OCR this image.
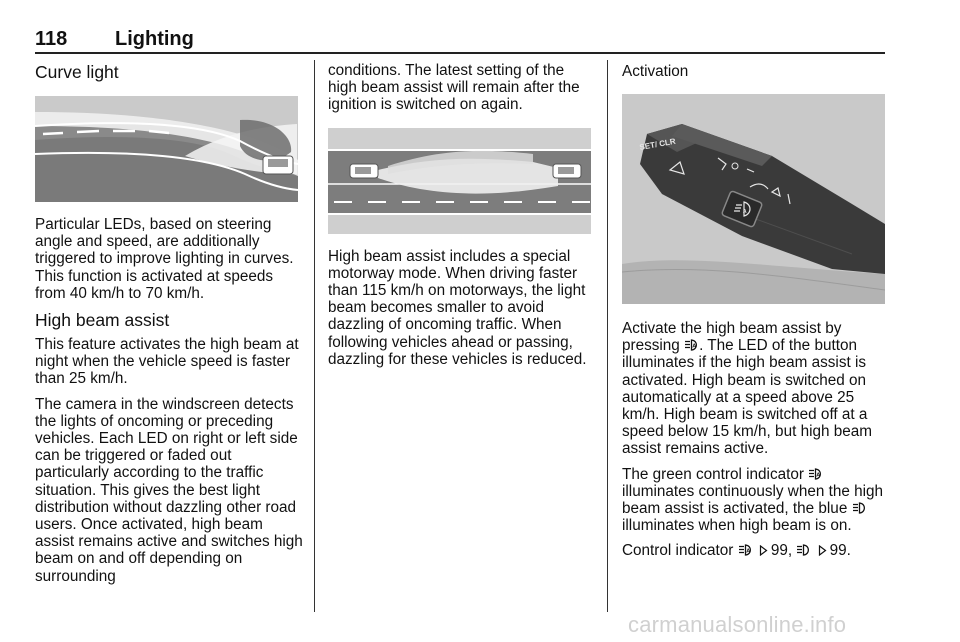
118 Lighting
Curve light

Particular LEDs, based on steering angle and speed, are additionally triggered to improve lighting in curves. This function is activated at speeds from 40 km/h to 70 km/h.

High beam assist

This feature activates the high beam at night when the vehicle speed is faster than 25 km/h.

The camera in the windscreen detects the lights of oncoming or preceding vehicles. Each LED on right or left side can be triggered or faded out particularly according to the traffic situation. This gives the best light distribution without dazzling other road users. Once activated, high beam assist remains active and switches high beam on and off depending on surrounding

conditions. The latest setting of the high beam assist will remain after the ignition is switched on again.

High beam assist includes a special motorway mode. When driving faster than 115 km/h on motorways, the light beam becomes smaller to avoid dazzling of oncoming traffic. When following vehicles ahead or passing, dazzling for these vehicles is reduced.

Activation
SET/ CLR
A

Activate the high beam assist by pressing A . The LED of the button illuminates if the high beam assist is activated. High beam is switched on automatically at a speed above 25 km/h. High beam is switched off at a speed below 15 km/h, but high beam assist remains active.

The green control indicator A
illuminates continuously when the high beam assist is activated, the blue  illuminates when high beam is on.

Control indicator A 99, 99.

carmanualsonline.info
